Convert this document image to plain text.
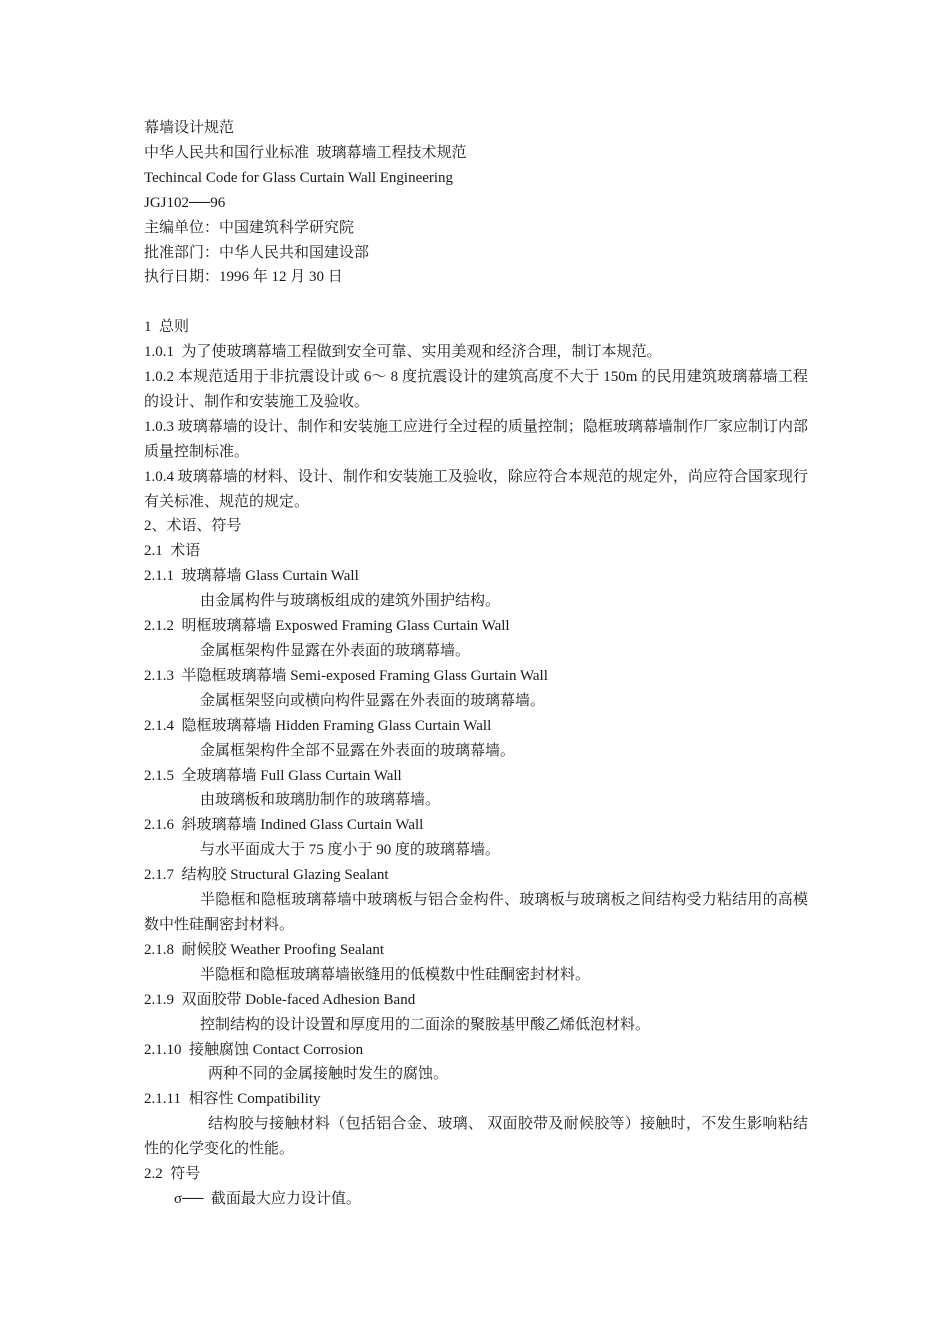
幕墙设计规范

中华人民共和国行业标准  玻璃幕墙工程技术规范

Techincal Code for Glass Curtain Wall Engineering

JGJ102──96

主编单位：中国建筑科学研究院

批准部门：中华人民共和国建设部

执行日期：1996 年 12 月 30 日

1  总则

1.0.1  为了使玻璃幕墙工程做到安全可靠、实用美观和经济合理，制订本规范。

1.0.2 本规范适用于非抗震设计或 6～ 8 度抗震设计的建筑高度不大于 150m 的民用建筑玻璃幕墙工程的设计、制作和安装施工及验收。

1.0.3 玻璃幕墙的设计、制作和安装施工应进行全过程的质量控制；隐框玻璃幕墙制作厂家应制订内部质量控制标准。

1.0.4 玻璃幕墙的材料、设计、制作和安装施工及验收，除应符合本规范的规定外，尚应符合国家现行有关标准、规范的规定。

2、术语、符号

2.1  术语

2.1.1  玻璃幕墙 Glass Curtain Wall

由金属构件与玻璃板组成的建筑外围护结构。

2.1.2  明框玻璃幕墙 Exposwed Framing Glass Curtain Wall

金属框架构件显露在外表面的玻璃幕墙。

2.1.3  半隐框玻璃幕墙 Semi-exposed Framing Glass Gurtain Wall

金属框架竖向或横向构件显露在外表面的玻璃幕墙。

2.1.4  隐框玻璃幕墙 Hidden Framing Glass Curtain Wall

金属框架构件全部不显露在外表面的玻璃幕墙。

2.1.5  全玻璃幕墙 Full Glass Curtain Wall

由玻璃板和玻璃肋制作的玻璃幕墙。

2.1.6  斜玻璃幕墙 Indined Glass Curtain Wall

与水平面成大于 75 度小于 90 度的玻璃幕墙。

2.1.7  结构胶 Structural Glazing Sealant

半隐框和隐框玻璃幕墙中玻璃板与铝合金构件、玻璃板与玻璃板之间结构受力粘结用的高模数中性硅酮密封材料。

2.1.8  耐候胶 Weather Proofing Sealant

半隐框和隐框玻璃幕墙嵌缝用的低模数中性硅酮密封材料。

2.1.9  双面胶带 Doble-faced Adhesion Band

控制结构的设计设置和厚度用的二面涂的聚胺基甲酸乙烯低泡材料。

2.1.10  接触腐蚀 Contact Corrosion

两种不同的金属接触时发生的腐蚀。

2.1.11  相容性 Compatibility

结构胶与接触材料（包括铝合金、玻璃、 双面胶带及耐候胶等）接触时，不发生影响粘结性的化学变化的性能。

2.2  符号

σ──  截面最大应力设计值。
